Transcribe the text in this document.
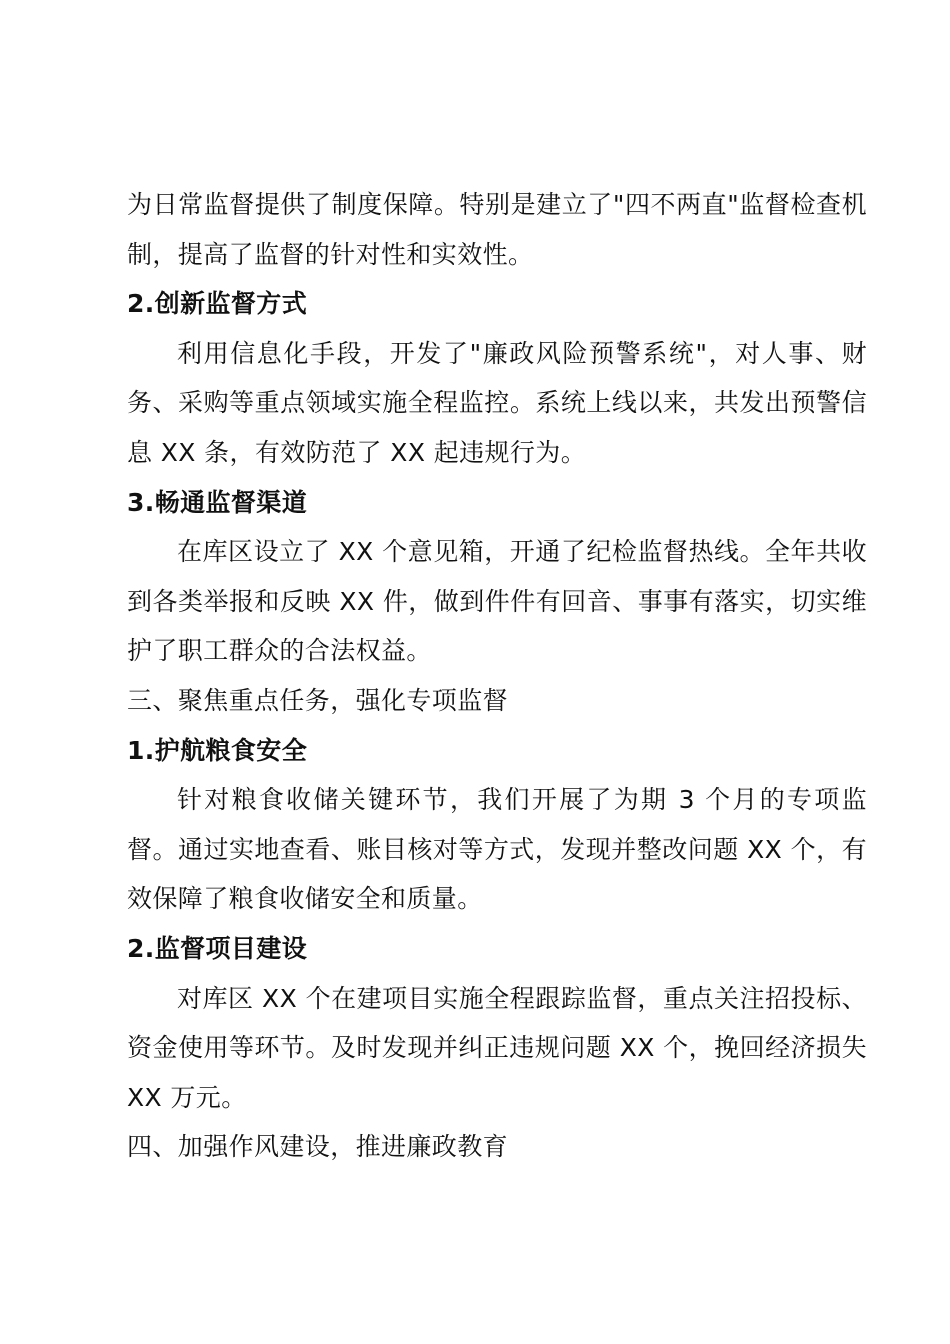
为日常监督提供了制度保障。特别是建立了"四不两直"监督检查机制，提高了监督的针对性和实效性。

2.创新监督方式

利用信息化手段，开发了"廉政风险预警系统"，对人事、财务、采购等重点领域实施全程监控。系统上线以来，共发出预警信息 XX 条，有效防范了 XX 起违规行为。

3.畅通监督渠道

在库区设立了 XX 个意见箱，开通了纪检监督热线。全年共收到各类举报和反映 XX 件，做到件件有回音、事事有落实，切实维护了职工群众的合法权益。

三、聚焦重点任务，强化专项监督

1.护航粮食安全

针对粮食收储关键环节，我们开展了为期 3 个月的专项监督。通过实地查看、账目核对等方式，发现并整改问题 XX 个，有效保障了粮食收储安全和质量。

2.监督项目建设

对库区 XX 个在建项目实施全程跟踪监督，重点关注招投标、资金使用等环节。及时发现并纠正违规问题 XX 个，挽回经济损失 XX 万元。

四、加强作风建设，推进廉政教育
